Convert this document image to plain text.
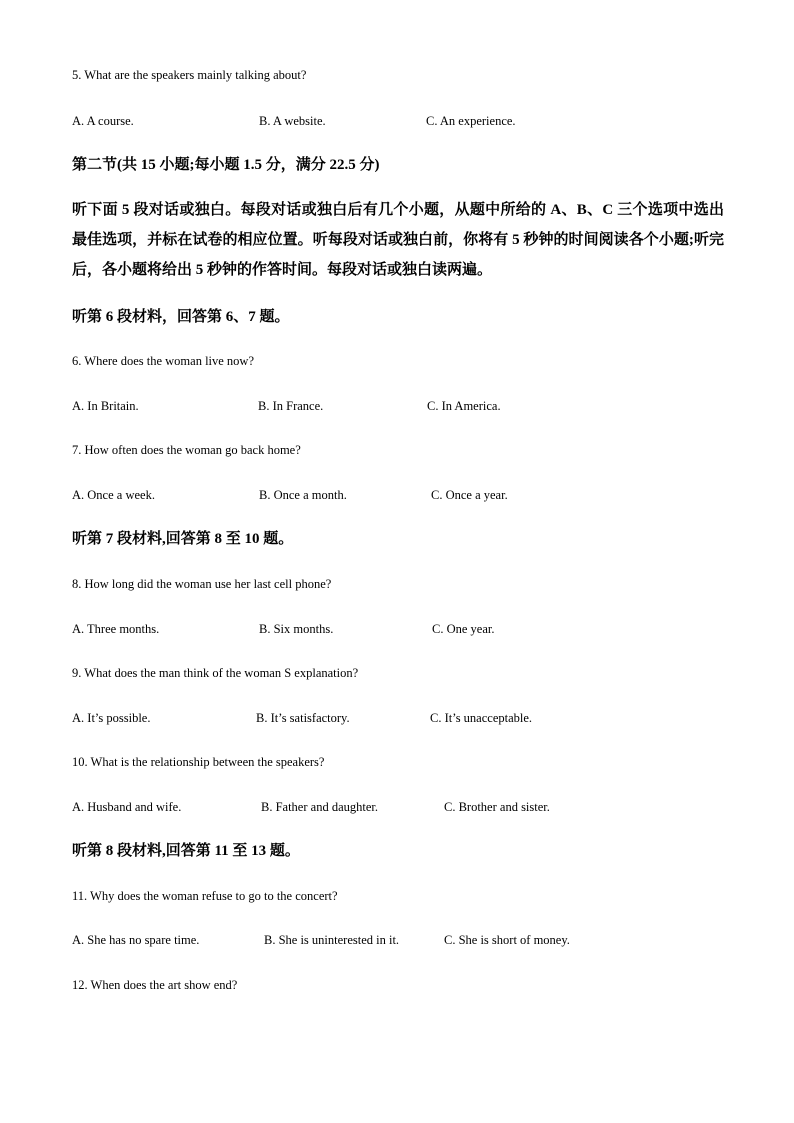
5. What are the speakers mainly talking about?
A. A course.	B. A website.	C. An experience.
第二节(共 15 小题;每小题 1.5 分，满分 22.5 分)
听下面 5 段对话或独白。每段对话或独白后有几个小题，从题中所给的 A、B、C 三个选项中选出最佳选项，并标在试卷的相应位置。听每段对话或独白前，你将有 5 秒钟的时间阅读各个小题;听完后，各小题将给出 5 秒钟的作答时间。每段对话或独白读两遍。
听第 6 段材料，回答第 6、7 题。
6. Where does the woman live now?
A. In Britain.	B. In France.	C. In America.
7. How often does the woman go back home?
A. Once a week.	B. Once a month.	C. Once a year.
听第 7 段材料,回答第 8 至 10 题。
8. How long did the woman use her last cell phone?
A. Three months.	B. Six months.	C. One year.
9. What does the man think of the woman S explanation?
A. It’s possible.	B. It’s satisfactory.	C. It’s unacceptable.
10. What is the relationship between the speakers?
A. Husband and wife.	B. Father and daughter.	C. Brother and sister.
听第 8 段材料,回答第 11 至 13 题。
11. Why does the woman refuse to go to the concert?
A. She has no spare time.	B. She is uninterested in it.	C. She is short of money.
12. When does the art show end?
